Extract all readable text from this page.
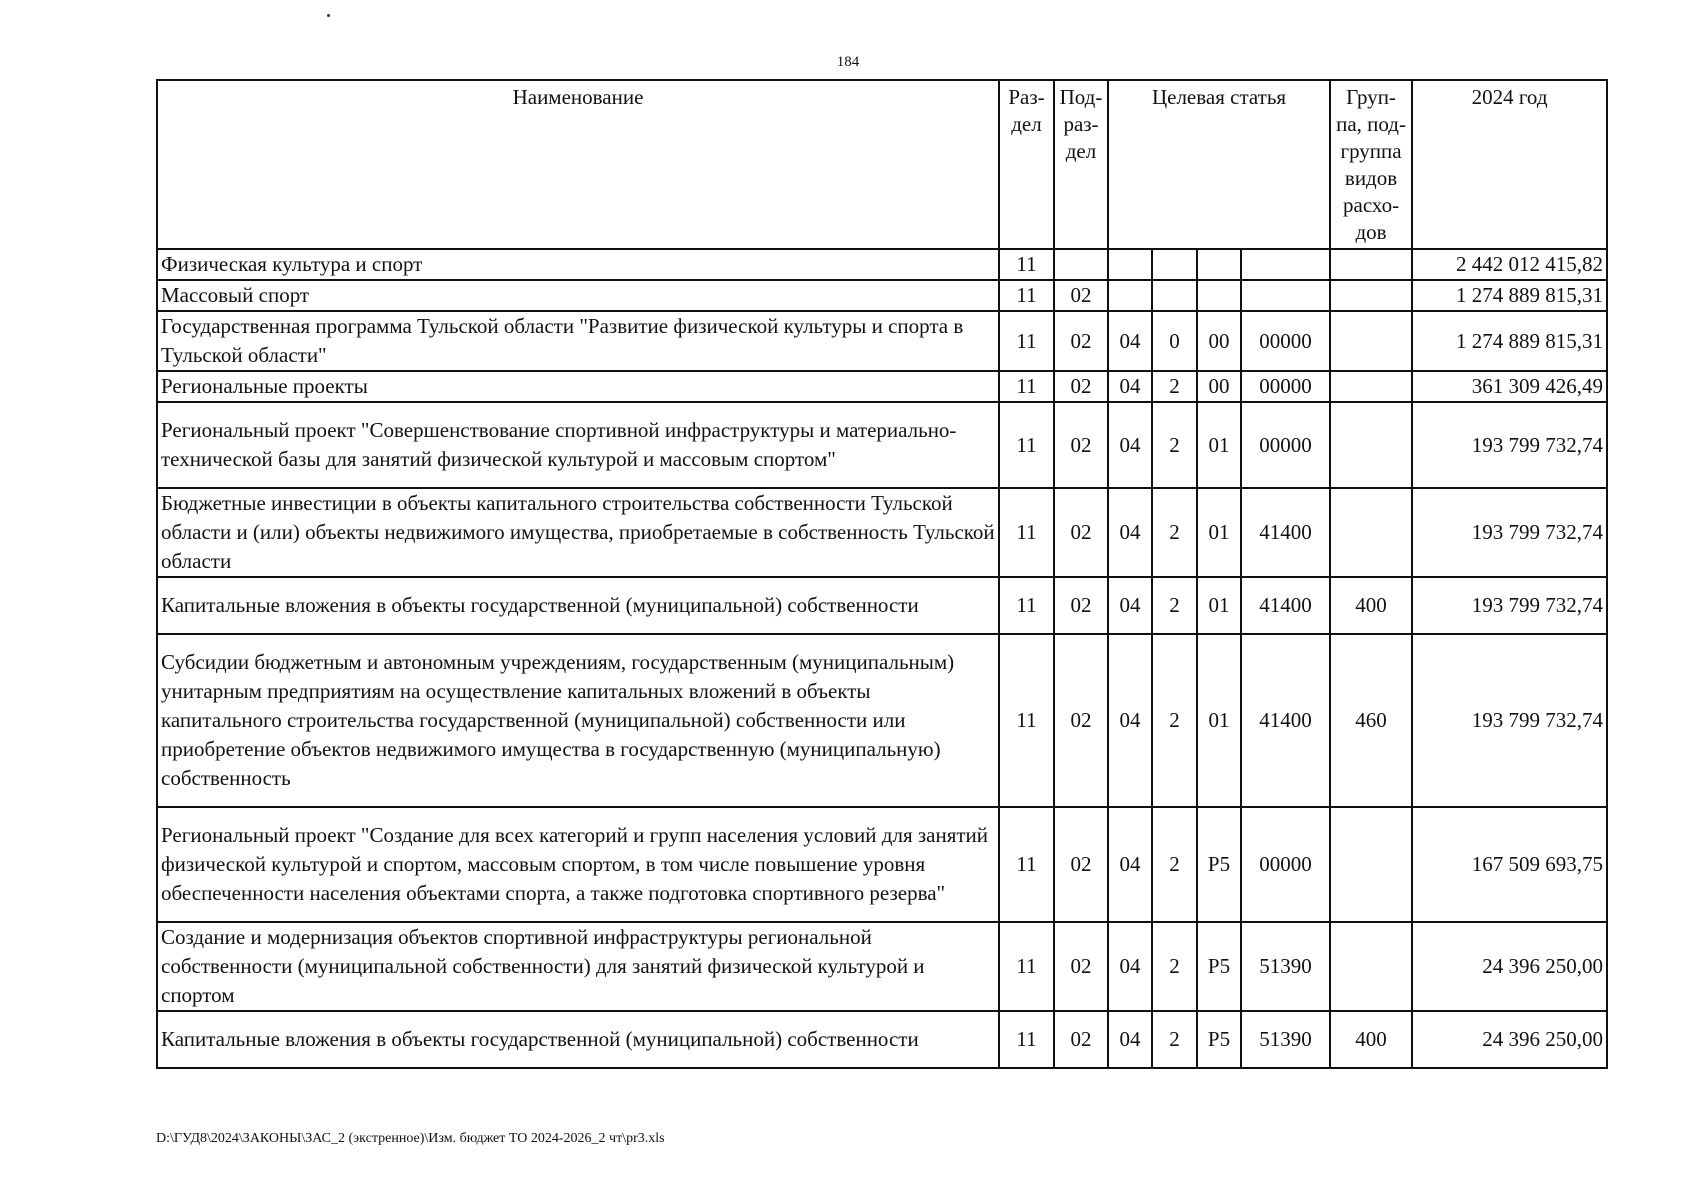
184
Наименование	Раз-дел	Под-раз-дел	Целевая статья				Груп-па, под-группа видов расхо-дов	2024 год
Физическая культура и спорт	11							2 442 012 415,82
Массовый спорт	11	02						1 274 889 815,31
Государственная программа Тульской области "Развитие физической культуры и спорта в Тульской области"	11	02	04	0	00	00000		1 274 889 815,31
Региональные проекты	11	02	04	2	00	00000		361 309 426,49
Региональный проект "Совершенствование спортивной инфраструктуры и материально-технической базы для занятий физической культурой и массовым спортом"	11	02	04	2	01	00000		193 799 732,74
Бюджетные инвестиции в объекты капитального строительства собственности Тульской области и (или) объекты недвижимого имущества, приобретаемые в собственность Тульской области	11	02	04	2	01	41400		193 799 732,74
Капитальные вложения в объекты государственной (муниципальной) собственности	11	02	04	2	01	41400	400	193 799 732,74
Субсидии бюджетным и автономным учреждениям, государственным (муниципальным) унитарным предприятиям на осуществление капитальных вложений в объекты капитального строительства государственной (муниципальной) собственности или приобретение объектов недвижимого имущества в государственную (муниципальную) собственность	11	02	04	2	01	41400	460	193 799 732,74
Региональный проект "Создание для всех категорий и групп населения условий для занятий физической культурой и спортом, массовым спортом, в том числе повышение уровня обеспеченности населения объектами спорта, а также подготовка спортивного резерва"	11	02	04	2	P5	00000		167 509 693,75
Создание и модернизация объектов спортивной инфраструктуры региональной собственности (муниципальной собственности) для занятий физической культурой и спортом	11	02	04	2	P5	51390		24 396 250,00
Капитальные вложения в объекты государственной (муниципальной) собственности	11	02	04	2	P5	51390	400	24 396 250,00
D:\ГУД8\2024\ЗАКОНЫ\ЗАС_2 (экстренное)\Изм. бюджет ТО 2024-2026_2 чт\pr3.xls
